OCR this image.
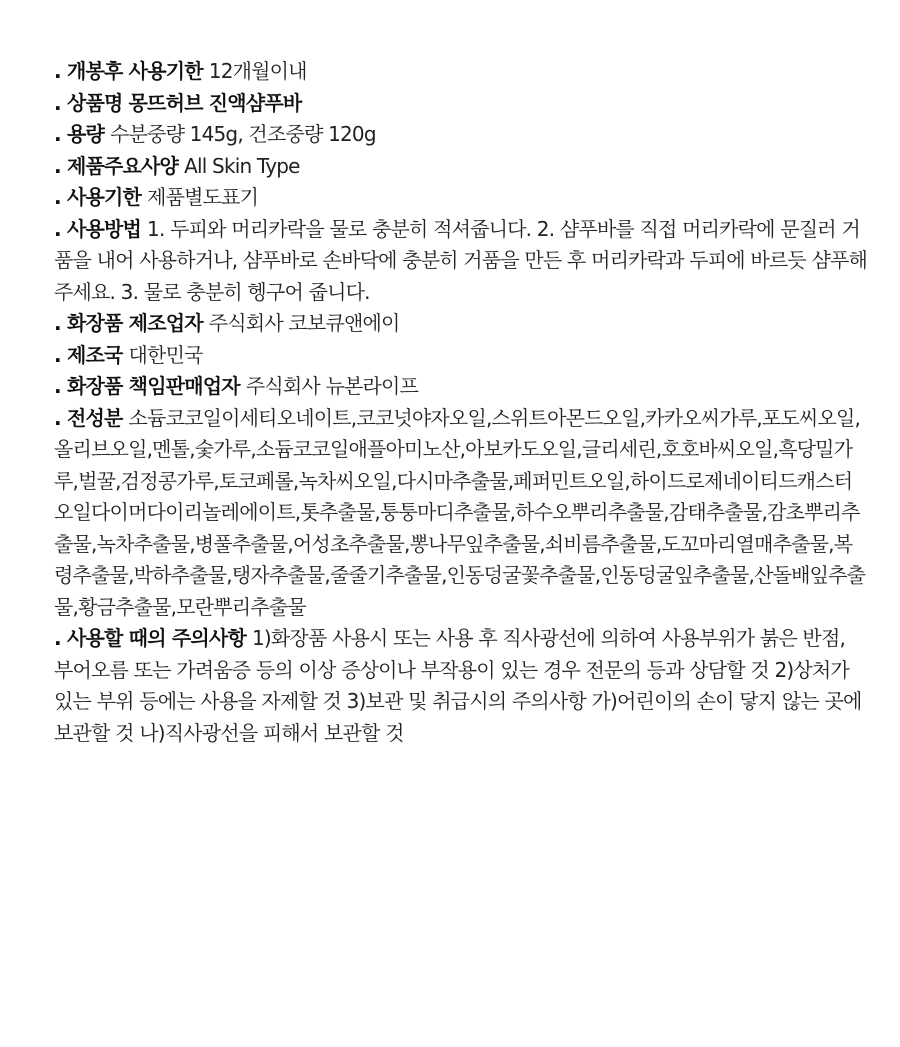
. 개봉후 사용기한 12개월이내

. 상품명 몽뜨허브 진액샴푸바

. 용량 수분중량 145g, 건조중량 120g

. 제품주요사양 All Skin Type

. 사용기한 제품별도표기

. 사용방법 1. 두피와 머리카락을 물로 충분히 적셔줍니다. 2. 샴푸바를 직접 머리카락에 문질러 거품을 내어 사용하거나, 샴푸바로 손바닥에 충분히 거품을 만든 후 머리카락과 두피에 바르듯 샴푸해 주세요. 3. 물로 충분히 헹구어 줍니다.

. 화장품 제조업자 주식회사 코보큐앤에이

. 제조국 대한민국

. 화장품 책임판매업자 주식회사 뉴본라이프

. 전성분 소듐코코일이세티오네이트,코코넛야자오일,스위트아몬드오일,카카오씨가루,포도씨오일,올리브오일,멘톨,숯가루,소듐코코일애플아미노산,아보카도오일,글리세린,호호바씨오일,흑당밀가루,벌꿀,검정콩가루,토코페롤,녹차씨오일,다시마추출물,페퍼민트오일,하이드로제네이티드캐스터오일다이머다이리놀레에이트,톳추출물,퉁퉁마디추출물,하수오뿌리추출물,감태추출물,감초뿌리추출물,녹차추출물,병풀추출물,어성초추출물,뽕나무잎추출물,쇠비름추출물,도꼬마리열매추출물,복령추출물,박하추출물,탱자추출물,줄줄기추출물,인동덩굴꽃추출물,인동덩굴잎추출물,산돌배잎추출물,황금추출물,모란뿌리추출물

. 사용할 때의 주의사항 1)화장품 사용시 또는 사용 후 직사광선에 의하여 사용부위가 붉은 반점, 부어오름 또는 가려움증 등의 이상 증상이나 부작용이 있는 경우 전문의 등과 상담할 것 2)상처가 있는 부위 등에는 사용을 자제할 것 3)보관 및 취급시의 주의사항 가)어린이의 손이 닿지 않는 곳에 보관할 것 나)직사광선을 피해서 보관할 것
